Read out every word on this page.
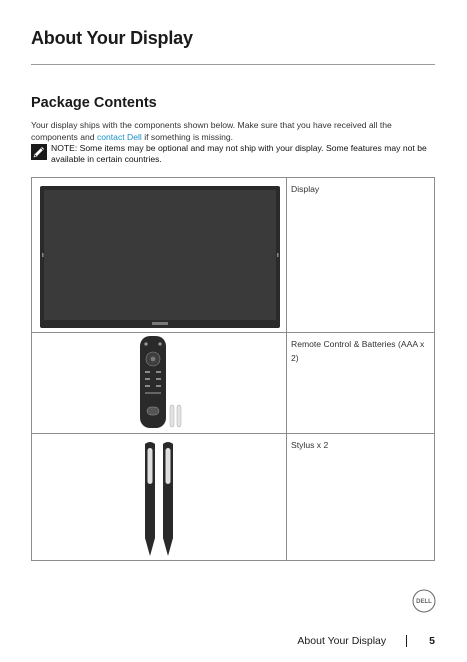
About Your Display
Package Contents

Your display ships with the components shown below. Make sure that you have received all the components and contact Dell if something is missing.

NOTE: Some items may be optional and may not ship with your display. Some features may not be available in certain countries.

Display
Remote Control & Batteries (AAA x 2)
Stylus x 2
DELL
About Your Display	5
